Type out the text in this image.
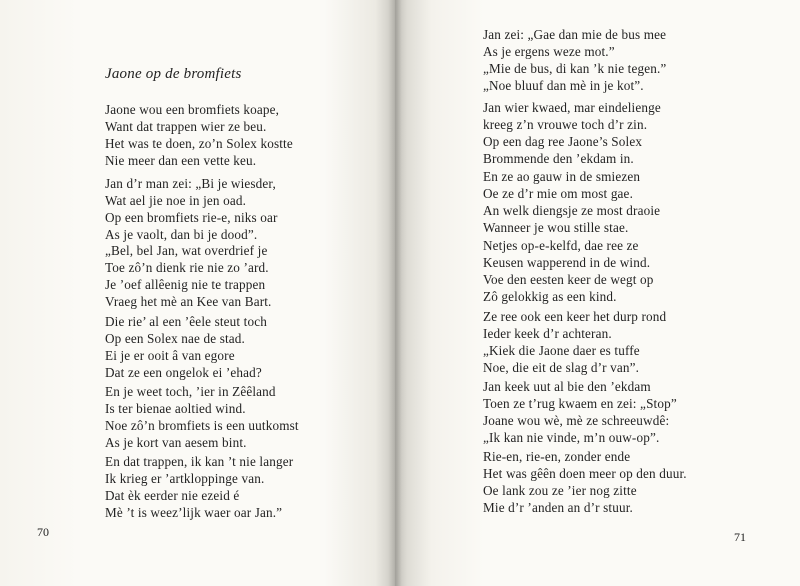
Jaone op de bromfiets
Jaone wou een bromfiets koape,
Want dat trappen wier ze beu.
Het was te doen, zo’n Solex kostte
Nie meer dan een vette keu.
Jan d’r man zei: „Bi je wiesder,
Wat ael jie noe in jen oad.
Op een bromfiets rie-e, niks oar
As je vaolt, dan bi je dood”.
„Bel, bel Jan, wat overdrief je
Toe zô’n dienk rie nie zo ’ard.
Je ’oef allêenig nie te trappen
Vraeg het mè an Kee van Bart.
Die rie’ al een ’êele steut toch
Op een Solex nae de stad.
Ei je er ooit â van egore
Dat ze een ongelok ei ’ehad?
En je weet toch, ’ier in Zêêland
Is ter bienae aoltied wind.
Noe zô’n bromfiets is een uutkomst
As je kort van aesem bint.
En dat trappen, ik kan ’t nie langer
Ik krieg er ’artkloppinge van.
Dat èk eerder nie ezeid é
Mè ’t is weez’lijk waer oar Jan.”

70

Jan zei: „Gae dan mie de bus mee
As je ergens weze mot.”
„Mie de bus, di kan ’k nie tegen.”
„Noe bluuf dan mè in je kot”.
Jan wier kwaed, mar eindeliengе
kreeg z’n vrouwe toch d’r zin.
Op een dag ree Jaone’s Solex
Brommende den ’ekdam in.
En ze ao gauw in de smiezen
Oe ze d’r mie om most gae.
An welk diengsje ze most draoie
Wanneer je wou stille stae.
Netjes op-e-kelfd, dae ree ze
Keusen wapperend in de wind.
Voe den eesten keer de wegt op
Zô gelokkig as een kind.
Ze ree ook een keer het durp rond
Ieder keek d’r achteran.
„Kiek die Jaone daer es tuffe
Noe, die eit de slag d’r van”.
Jan keek uut al bie den ’ekdam
Toen ze t’rug kwaem en zei: „Stop”
Joane wou wè, mè ze schreeuwdê:
„Ik kan nie vinde, m’n ouw-op”.
Rie-en, rie-en, zonder ende
Het was gêên doen meer op den duur.
Oe lank zou ze ’ier nog zitte
Mie d’r ’anden an d’r stuur.

71
